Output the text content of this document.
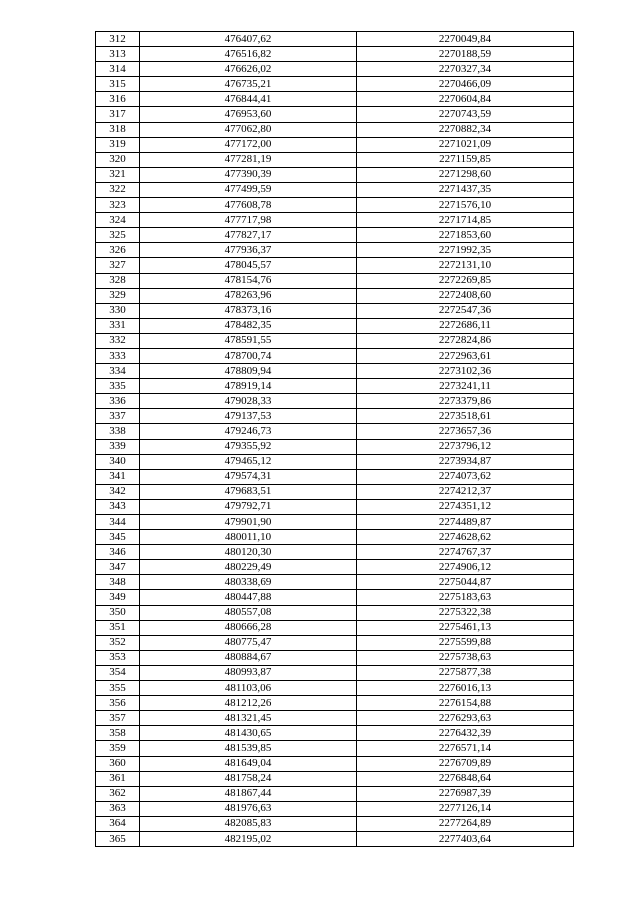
312	476407,62	2270049,84
313	476516,82	2270188,59
314	476626,02	2270327,34
315	476735,21	2270466,09
316	476844,41	2270604,84
317	476953,60	2270743,59
318	477062,80	2270882,34
319	477172,00	2271021,09
320	477281,19	2271159,85
321	477390,39	2271298,60
322	477499,59	2271437,35
323	477608,78	2271576,10
324	477717,98	2271714,85
325	477827,17	2271853,60
326	477936,37	2271992,35
327	478045,57	2272131,10
328	478154,76	2272269,85
329	478263,96	2272408,60
330	478373,16	2272547,36
331	478482,35	2272686,11
332	478591,55	2272824,86
333	478700,74	2272963,61
334	478809,94	2273102,36
335	478919,14	2273241,11
336	479028,33	2273379,86
337	479137,53	2273518,61
338	479246,73	2273657,36
339	479355,92	2273796,12
340	479465,12	2273934,87
341	479574,31	2274073,62
342	479683,51	2274212,37
343	479792,71	2274351,12
344	479901,90	2274489,87
345	480011,10	2274628,62
346	480120,30	2274767,37
347	480229,49	2274906,12
348	480338,69	2275044,87
349	480447,88	2275183,63
350	480557,08	2275322,38
351	480666,28	2275461,13
352	480775,47	2275599,88
353	480884,67	2275738,63
354	480993,87	2275877,38
355	481103,06	2276016,13
356	481212,26	2276154,88
357	481321,45	2276293,63
358	481430,65	2276432,39
359	481539,85	2276571,14
360	481649,04	2276709,89
361	481758,24	2276848,64
362	481867,44	2276987,39
363	481976,63	2277126,14
364	482085,83	2277264,89
365	482195,02	2277403,64
